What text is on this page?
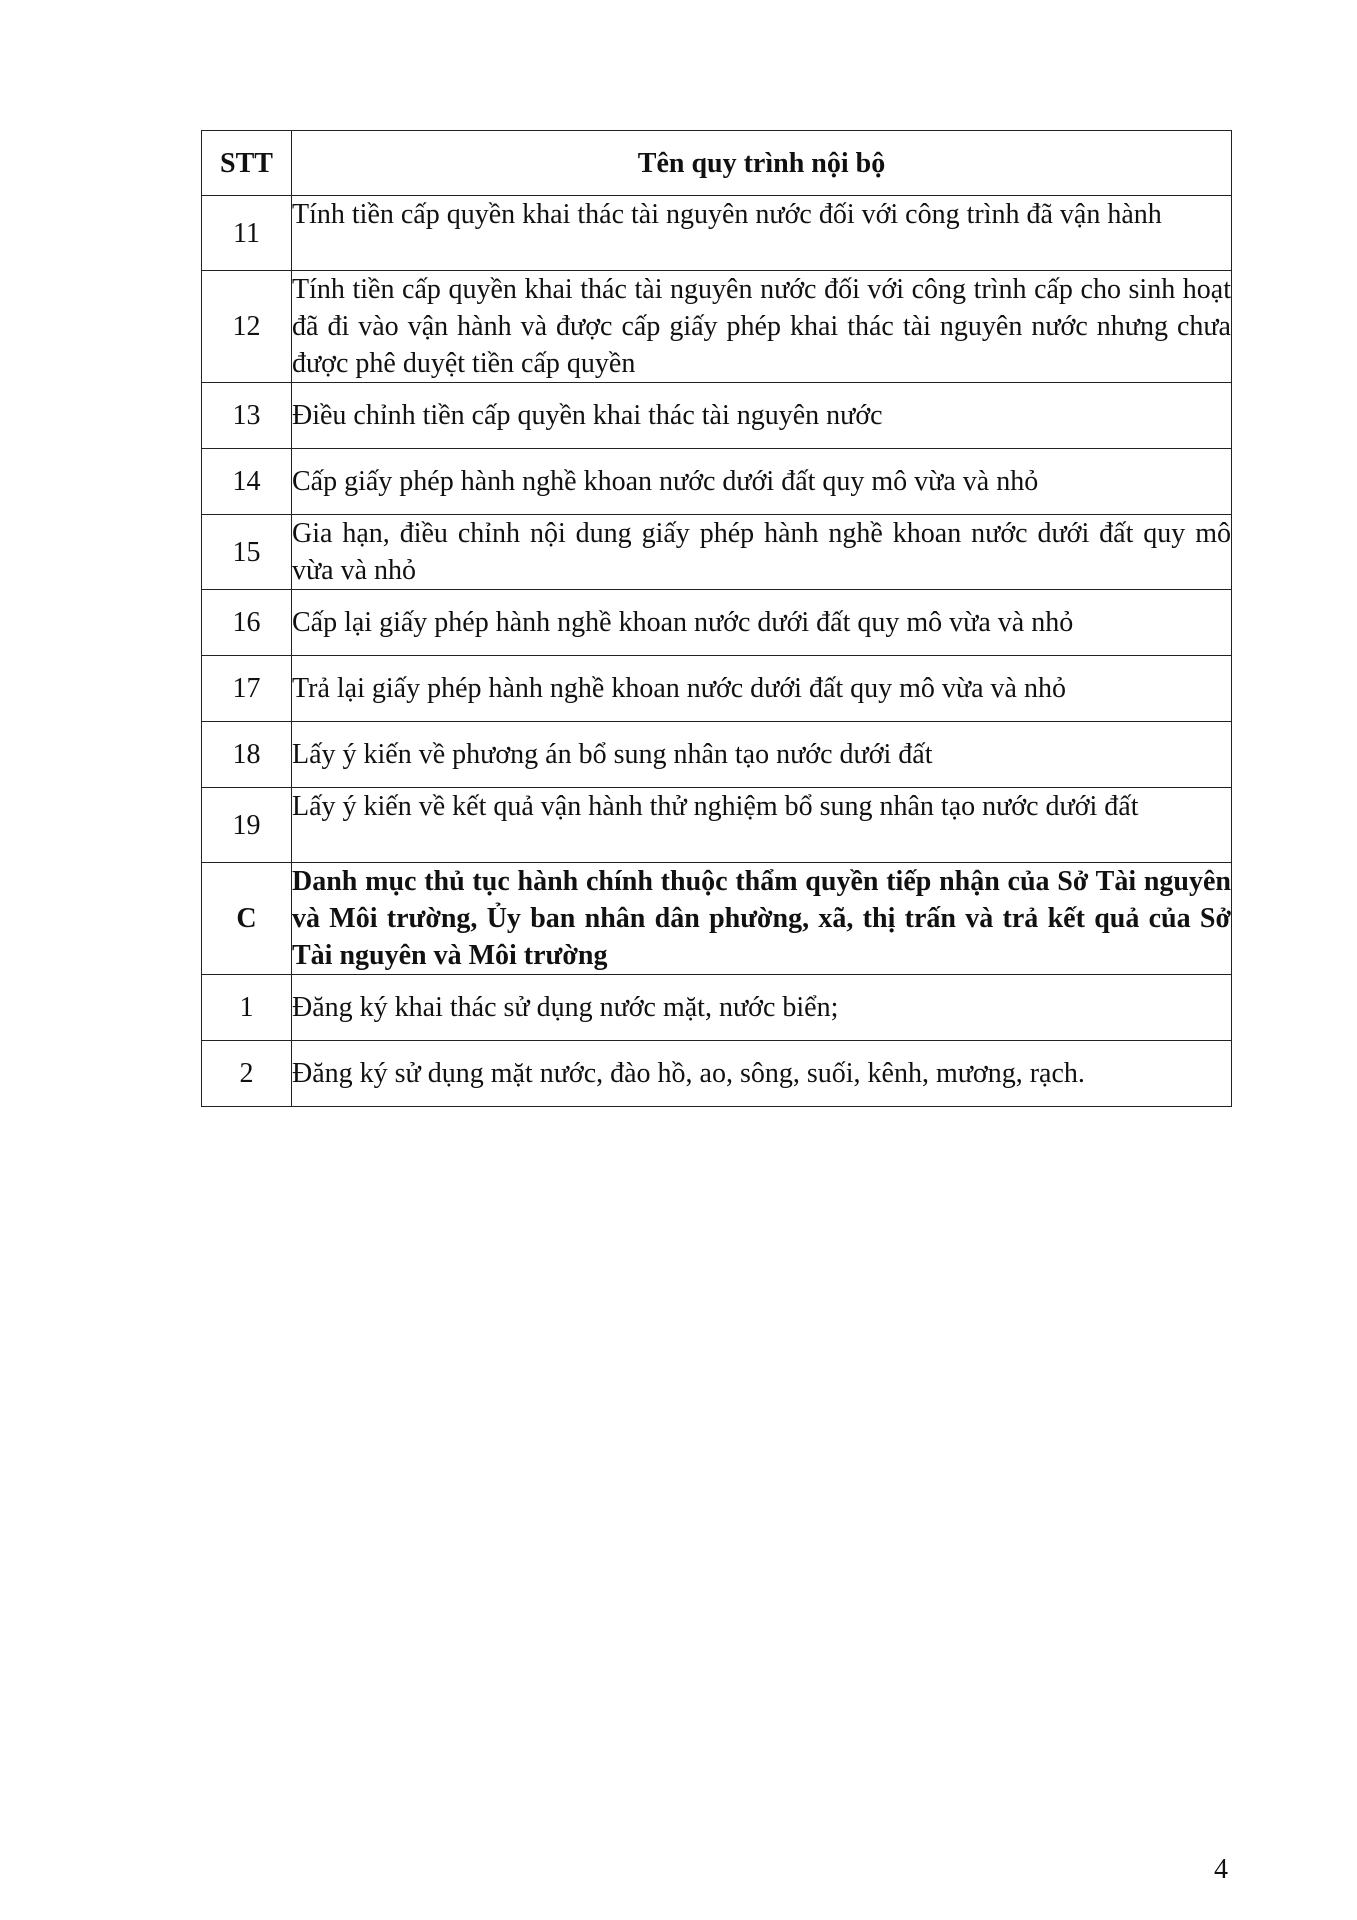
STT	Tên quy trình nội bộ
11	Tính tiền cấp quyền khai thác tài nguyên nước đối với công trình đã vận hành
12	Tính tiền cấp quyền khai thác tài nguyên nước đối với công trình cấp cho sinh hoạt đã đi vào vận hành và được cấp giấy phép khai thác tài nguyên nước nhưng chưa được phê duyệt tiền cấp quyền
13	Điều chỉnh tiền cấp quyền khai thác tài nguyên nước
14	Cấp giấy phép hành nghề khoan nước dưới đất quy mô vừa và nhỏ
15	Gia hạn, điều chỉnh nội dung giấy phép hành nghề khoan nước dưới đất quy mô vừa và nhỏ
16	Cấp lại giấy phép hành nghề khoan nước dưới đất quy mô vừa và nhỏ
17	Trả lại giấy phép hành nghề khoan nước dưới đất quy mô vừa và nhỏ
18	Lấy ý kiến về phương án bổ sung nhân tạo nước dưới đất
19	Lấy ý kiến về kết quả vận hành thử nghiệm bổ sung nhân tạo nước dưới đất
C	Danh mục thủ tục hành chính thuộc thẩm quyền tiếp nhận của Sở Tài nguyên và Môi trường, Ủy ban nhân dân phường, xã, thị trấn và trả kết quả của Sở Tài nguyên và Môi trường
1	Đăng ký khai thác sử dụng nước mặt, nước biển;
2	Đăng ký sử dụng mặt nước, đào hồ, ao, sông, suối, kênh, mương, rạch.
4
